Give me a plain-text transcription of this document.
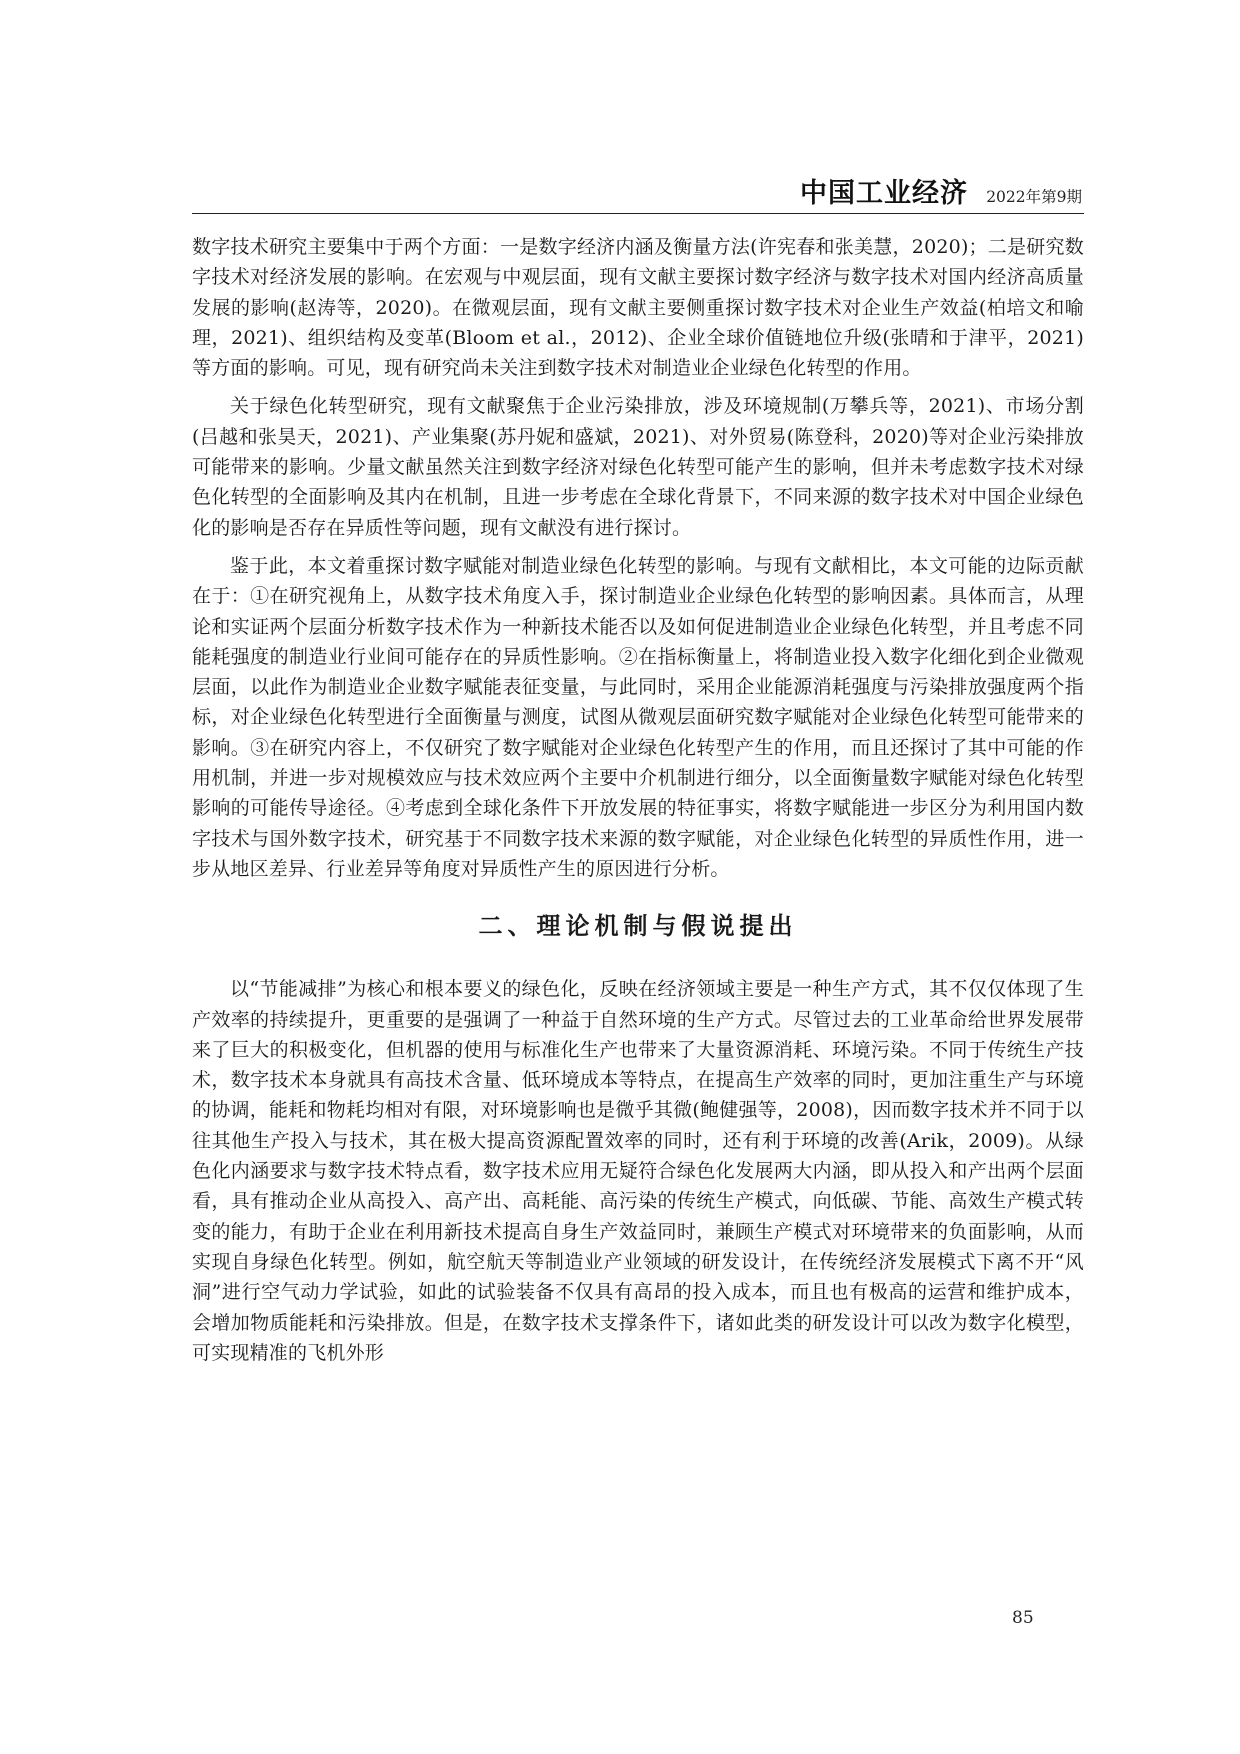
中国工业经济 2022年第9期

数字技术研究主要集中于两个方面：一是数字经济内涵及衡量方法(许宪春和张美慧，2020)；二是研究数字技术对经济发展的影响。在宏观与中观层面，现有文献主要探讨数字经济与数字技术对国内经济高质量发展的影响(赵涛等，2020)。在微观层面，现有文献主要侧重探讨数字技术对企业生产效益(柏培文和喻理，2021)、组织结构及变革(Bloom et al.，2012)、企业全球价值链地位升级(张晴和于津平，2021)等方面的影响。可见，现有研究尚未关注到数字技术对制造业企业绿色化转型的作用。

关于绿色化转型研究，现有文献聚焦于企业污染排放，涉及环境规制(万攀兵等，2021)、市场分割(吕越和张昊天，2021)、产业集聚(苏丹妮和盛斌，2021)、对外贸易(陈登科，2020)等对企业污染排放可能带来的影响。少量文献虽然关注到数字经济对绿色化转型可能产生的影响，但并未考虑数字技术对绿色化转型的全面影响及其内在机制，且进一步考虑在全球化背景下，不同来源的数字技术对中国企业绿色化的影响是否存在异质性等问题，现有文献没有进行探讨。

鉴于此，本文着重探讨数字赋能对制造业绿色化转型的影响。与现有文献相比，本文可能的边际贡献在于：①在研究视角上，从数字技术角度入手，探讨制造业企业绿色化转型的影响因素。具体而言，从理论和实证两个层面分析数字技术作为一种新技术能否以及如何促进制造业企业绿色化转型，并且考虑不同能耗强度的制造业行业间可能存在的异质性影响。②在指标衡量上，将制造业投入数字化细化到企业微观层面，以此作为制造业企业数字赋能表征变量，与此同时，采用企业能源消耗强度与污染排放强度两个指标，对企业绿色化转型进行全面衡量与测度，试图从微观层面研究数字赋能对企业绿色化转型可能带来的影响。③在研究内容上，不仅研究了数字赋能对企业绿色化转型产生的作用，而且还探讨了其中可能的作用机制，并进一步对规模效应与技术效应两个主要中介机制进行细分，以全面衡量数字赋能对绿色化转型影响的可能传导途径。④考虑到全球化条件下开放发展的特征事实，将数字赋能进一步区分为利用国内数字技术与国外数字技术，研究基于不同数字技术来源的数字赋能，对企业绿色化转型的异质性作用，进一步从地区差异、行业差异等角度对异质性产生的原因进行分析。

二、理论机制与假说提出

以“节能减排”为核心和根本要义的绿色化，反映在经济领域主要是一种生产方式，其不仅仅体现了生产效率的持续提升，更重要的是强调了一种益于自然环境的生产方式。尽管过去的工业革命给世界发展带来了巨大的积极变化，但机器的使用与标准化生产也带来了大量资源消耗、环境污染。不同于传统生产技术，数字技术本身就具有高技术含量、低环境成本等特点，在提高生产效率的同时，更加注重生产与环境的协调，能耗和物耗均相对有限，对环境影响也是微乎其微(鲍健强等，2008)，因而数字技术并不同于以往其他生产投入与技术，其在极大提高资源配置效率的同时，还有利于环境的改善(Arik，2009)。从绿色化内涵要求与数字技术特点看，数字技术应用无疑符合绿色化发展两大内涵，即从投入和产出两个层面看，具有推动企业从高投入、高产出、高耗能、高污染的传统生产模式，向低碳、节能、高效生产模式转变的能力，有助于企业在利用新技术提高自身生产效益同时，兼顾生产模式对环境带来的负面影响，从而实现自身绿色化转型。例如，航空航天等制造业产业领域的研发设计，在传统经济发展模式下离不开“风洞”进行空气动力学试验，如此的试验装备不仅具有高昂的投入成本，而且也有极高的运营和维护成本，会增加物质能耗和污染排放。但是，在数字技术支撑条件下，诸如此类的研发设计可以改为数字化模型，可实现精准的飞机外形

85
